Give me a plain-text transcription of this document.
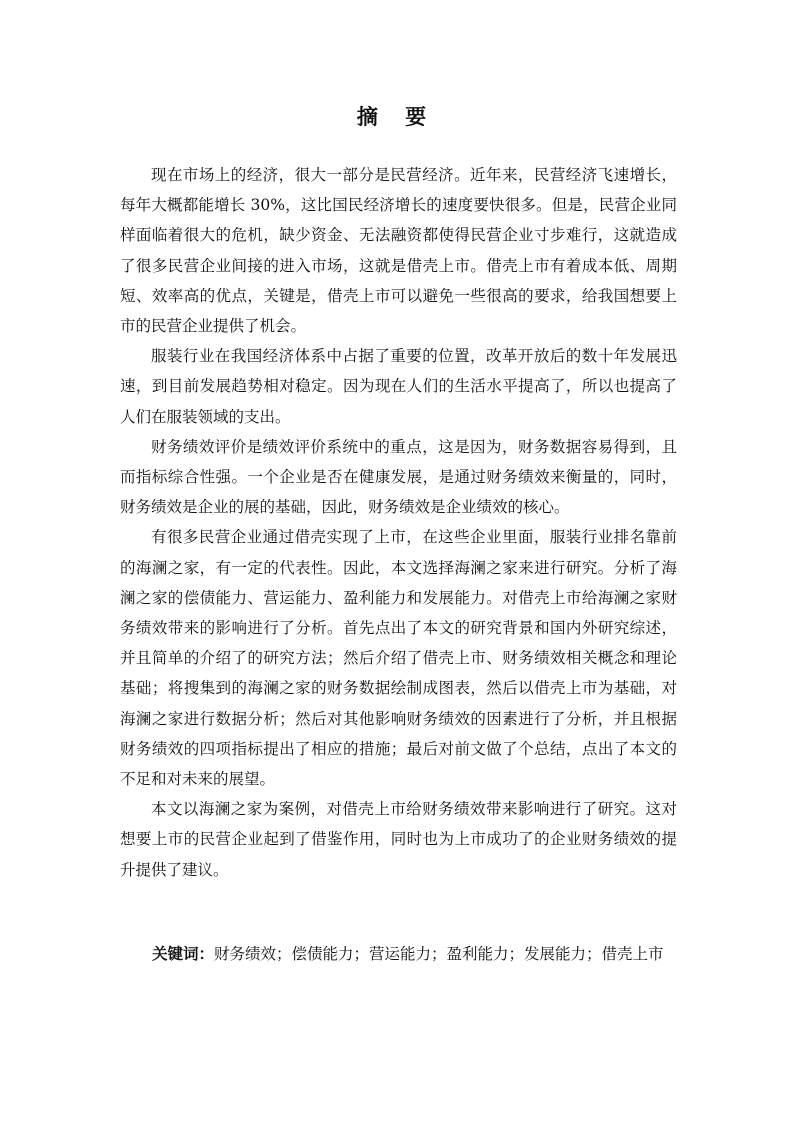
摘 要

现在市场上的经济，很大一部分是民营经济。近年来，民营经济飞速增长，每年大概都能增长 30%，这比国民经济增长的速度要快很多。但是，民营企业同样面临着很大的危机，缺少资金、无法融资都使得民营企业寸步难行，这就造成了很多民营企业间接的进入市场，这就是借壳上市。借壳上市有着成本低、周期短、效率高的优点，关键是，借壳上市可以避免一些很高的要求，给我国想要上市的民营企业提供了机会。

服装行业在我国经济体系中占据了重要的位置，改革开放后的数十年发展迅速，到目前发展趋势相对稳定。因为现在人们的生活水平提高了，所以也提高了人们在服装领域的支出。

财务绩效评价是绩效评价系统中的重点，这是因为，财务数据容易得到，且而指标综合性强。一个企业是否在健康发展，是通过财务绩效来衡量的，同时，财务绩效是企业的展的基础，因此，财务绩效是企业绩效的核心。

有很多民营企业通过借壳实现了上市，在这些企业里面，服装行业排名靠前的海澜之家，有一定的代表性。因此，本文选择海澜之家来进行研究。分析了海澜之家的偿债能力、营运能力、盈利能力和发展能力。对借壳上市给海澜之家财务绩效带来的影响进行了分析。首先点出了本文的研究背景和国内外研究综述，并且简单的介绍了的研究方法；然后介绍了借壳上市、财务绩效相关概念和理论基础；将搜集到的海澜之家的财务数据绘制成图表，然后以借壳上市为基础，对海澜之家进行数据分析；然后对其他影响财务绩效的因素进行了分析，并且根据财务绩效的四项指标提出了相应的措施；最后对前文做了个总结，点出了本文的不足和对未来的展望。

本文以海澜之家为案例，对借壳上市给财务绩效带来影响进行了研究。这对想要上市的民营企业起到了借鉴作用，同时也为上市成功了的企业财务绩效的提升提供了建议。

关键词：财务绩效；偿债能力；营运能力；盈利能力；发展能力；借壳上市
